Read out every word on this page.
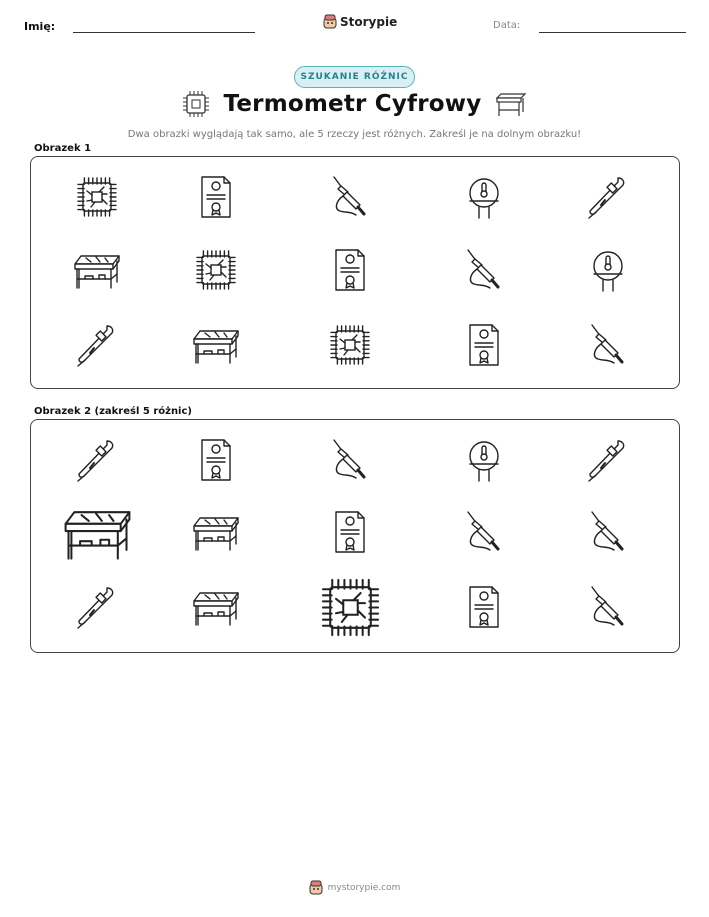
Imię:	Storypie	Data:
SZUKANIE RÓŻNIC
Termometr Cyfrowy
Dwa obrazki wyglądają tak samo, ale 5 rzeczy jest różnych. Zakreśl je na dolnym obrazku!
Obrazek 1
Obrazek 2 (zakreśl 5 różnic)
mystorypie.com
